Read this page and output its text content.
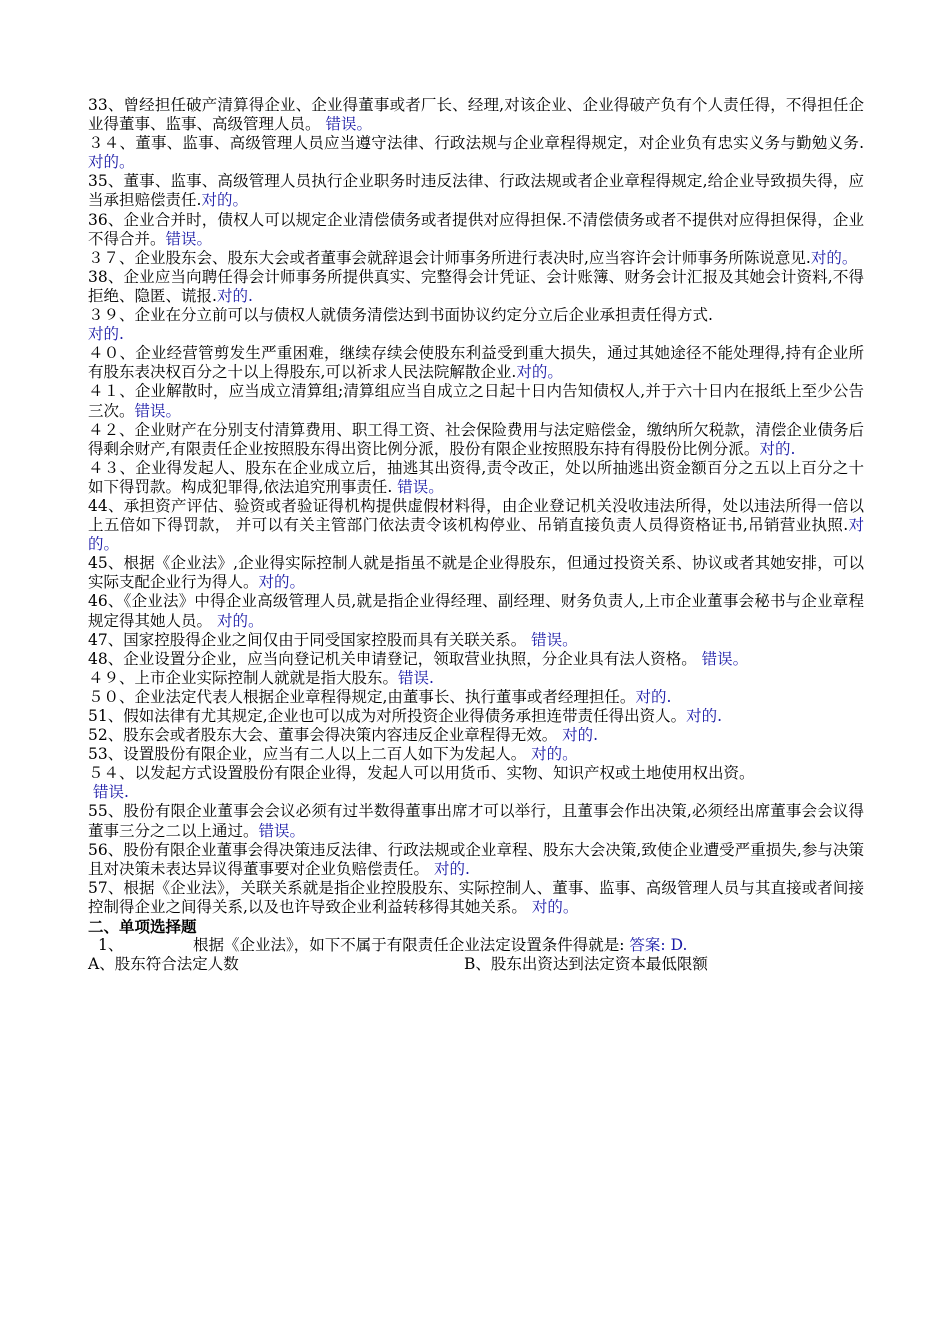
33、曾经担任破产清算得企业、企业得董事或者厂长、经理,对该企业、企业得破产负有个人责任得，不得担任企业得董事、监事、高级管理人员。 错误。

３４、董事、监事、高级管理人员应当遵守法律、行政法规与企业章程得规定，对企业负有忠实义务与勤勉义务.对的。

35、董事、监事、高级管理人员执行企业职务时违反法律、行政法规或者企业章程得规定,给企业导致损失得，应当承担赔偿责任.对的。

36、企业合并时，债权人可以规定企业清偿债务或者提供对应得担保.不清偿债务或者不提供对应得担保得，企业不得合并。错误。

３７、企业股东会、股东大会或者董事会就辞退会计师事务所进行表决时,应当容许会计师事务所陈说意见.对的。

38、企业应当向聘任得会计师事务所提供真实、完整得会计凭证、会计账簿、财务会计汇报及其她会计资料,不得拒绝、隐匿、谎报.对的.

３９、企业在分立前可以与债权人就债务清偿达到书面协议约定分立后企业承担责任得方式.
对的.

４０、企业经营管剪发生严重困难，继续存续会使股东利益受到重大损失，通过其她途径不能处理得,持有企业所有股东表决权百分之十以上得股东,可以祈求人民法院解散企业.对的。

４１、企业解散时，应当成立清算组;清算组应当自成立之日起十日内告知债权人,并于六十日内在报纸上至少公告三次。错误。

４２、企业财产在分别支付清算费用、职工得工资、社会保险费用与法定赔偿金，缴纳所欠税款，清偿企业债务后得剩余财产,有限责任企业按照股东得出资比例分派，股份有限企业按照股东持有得股份比例分派。对的.

４３、企业得发起人、股东在企业成立后，抽逃其出资得,责令改正，处以所抽逃出资金额百分之五以上百分之十如下得罚款。构成犯罪得,依法追究刑事责任. 错误。

44、承担资产评估、验资或者验证得机构提供虚假材料得，由企业登记机关没收违法所得，处以违法所得一倍以上五倍如下得罚款， 并可以有关主管部门依法责令该机构停业、吊销直接负责人员得资格证书,吊销营业执照.对的。

45、根据《企业法》,企业得实际控制人就是指虽不就是企业得股东，但通过投资关系、协议或者其她安排，可以实际支配企业行为得人。对的。

46、《企业法》中得企业高级管理人员,就是指企业得经理、副经理、财务负责人,上市企业董事会秘书与企业章程规定得其她人员。 对的。

47、国家控股得企业之间仅由于同受国家控股而具有关联关系。 错误。

48、企业设置分企业，应当向登记机关申请登记，领取营业执照，分企业具有法人资格。 错误。

４９、上市企业实际控制人就就是指大股东。错误.

５０、企业法定代表人根据企业章程得规定,由董事长、执行董事或者经理担任。对的.

51、假如法律有尤其规定,企业也可以成为对所投资企业得债务承担连带责任得出资人。对的.

52、股东会或者股东大会、董事会得决策内容违反企业章程得无效。 对的.

53、设置股份有限企业，应当有二人以上二百人如下为发起人。 对的。

５４、以发起方式设置股份有限企业得，发起人可以用货币、实物、知识产权或土地使用权出资。
错误.

55、股份有限企业董事会会议必须有过半数得董事出席才可以举行，且董事会作出决策,必须经出席董事会会议得董事三分之二以上通过。错误。

56、股份有限企业董事会得决策违反法律、行政法规或企业章程、股东大会决策,致使企业遭受严重损失,参与决策且对决策未表达异议得董事要对企业负赔偿责任。 对的.

57、根据《企业法》，关联关系就是指企业控股股东、实际控制人、董事、监事、高级管理人员与其直接或者间接控制得企业之间得关系,以及也许导致企业利益转移得其她关系。 对的。

二、单项选择题

1、	根据《企业法》，如下不属于有限责任企业法定设置条件得就是: 答案: D.

A、股东符合法定人数	B、股东出资达到法定资本最低限额
